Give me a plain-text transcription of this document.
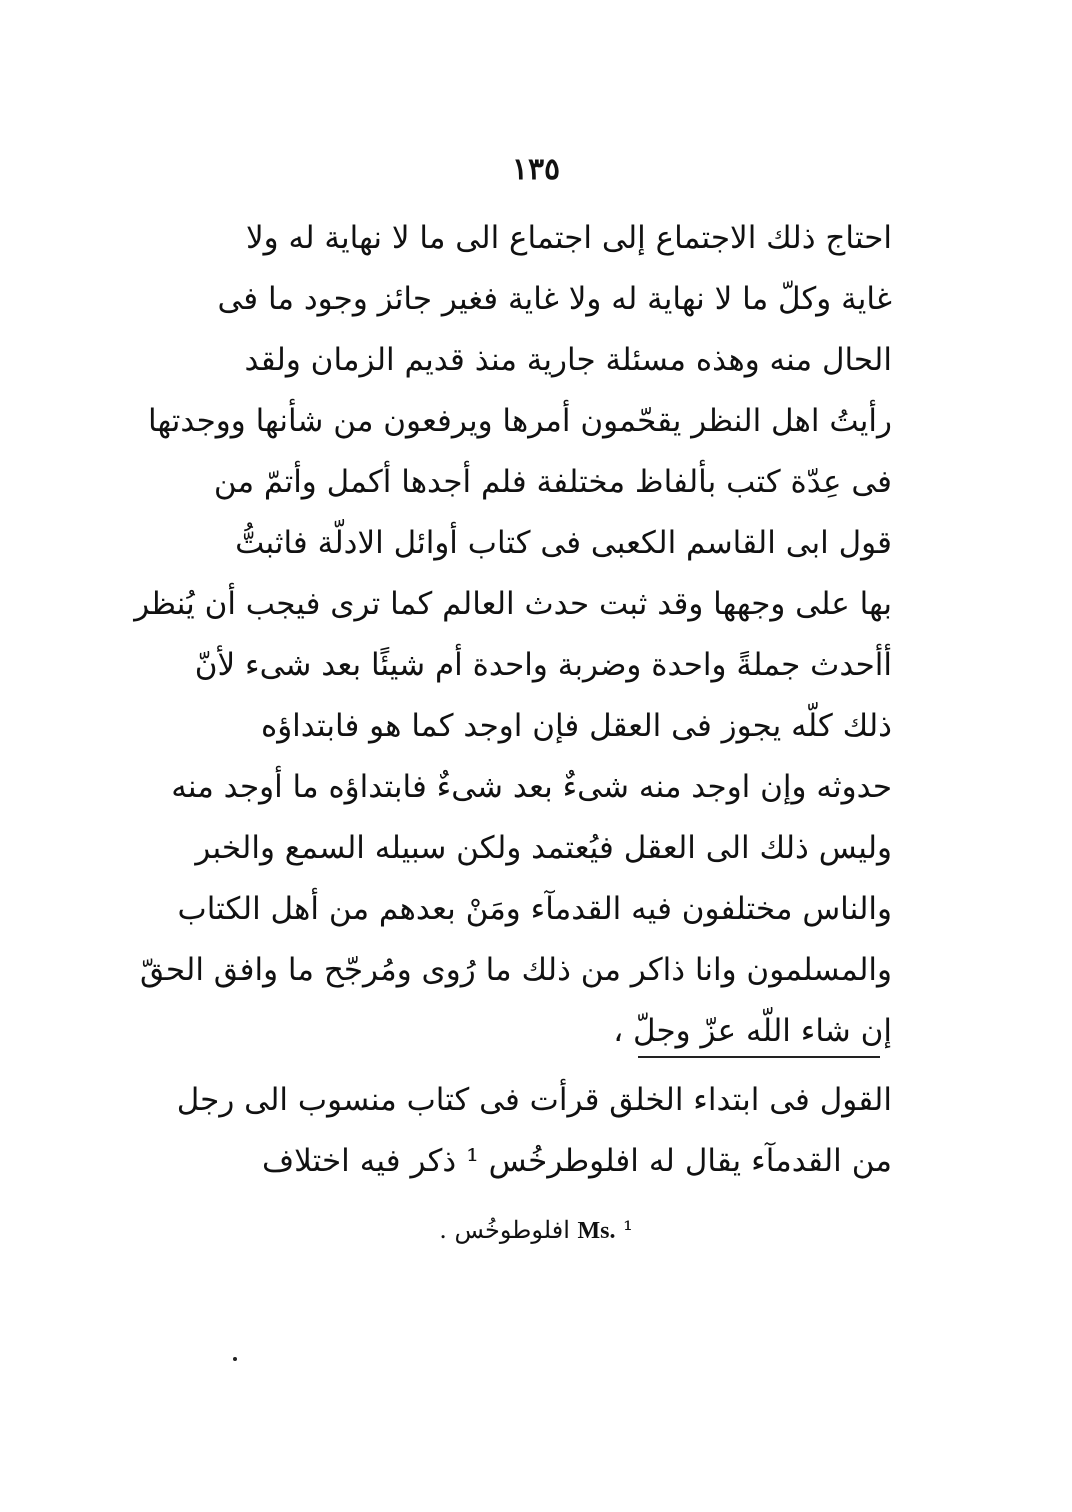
١٣٥
احتاج ذلك الاجتماع إلى اجتماع الى ما لا نهاية له ولا
غاية وكلّ ما لا نهاية له ولا غاية فغير جائز وجود ما فى
الحال منه وهذه مسئلة جارية منذ قديم الزمان ولقد
رأيتُ اهل النظر يقحّمون أمرها ويرفعون من شأنها ووجدتها
فى عِدّة كتب بألفاظ مختلفة فلم أجدها أكمل وأتمّ من
قول ابى القاسم الكعبى فى كتاب أوائل الادلّة فاثبتُّ
بها على وجهها وقد ثبت حدث العالم كما ترى فيجب أن يُنظر
أأحدث جملةً واحدة وضربة واحدة أم شيئًا بعد شىء لأنّ
ذلك كلّه يجوز فى العقل فإن اوجد كما هو فابتداؤه
حدوثه وإن اوجد منه شىءٌ بعد شىءٌ فابتداؤه ما أوجد منه
وليس ذلك الى العقل فيُعتمد ولكن سبيله السمع والخبر
والناس مختلفون فيه القدمآء ومَنْ بعدهم من أهل الكتاب
والمسلمون وانا ذاكر من ذلك ما رُوى ومُرجّح ما وافق الحقّ
إن شاء اللّه عزّ وجلّ ،
القول فى ابتداء الخلق قرأت فى كتاب منسوب الى رجل
من القدمآء يقال له افلوطرخُس ¹ ذكر فيه اختلاف
¹ Ms. افلوطوخُس .
